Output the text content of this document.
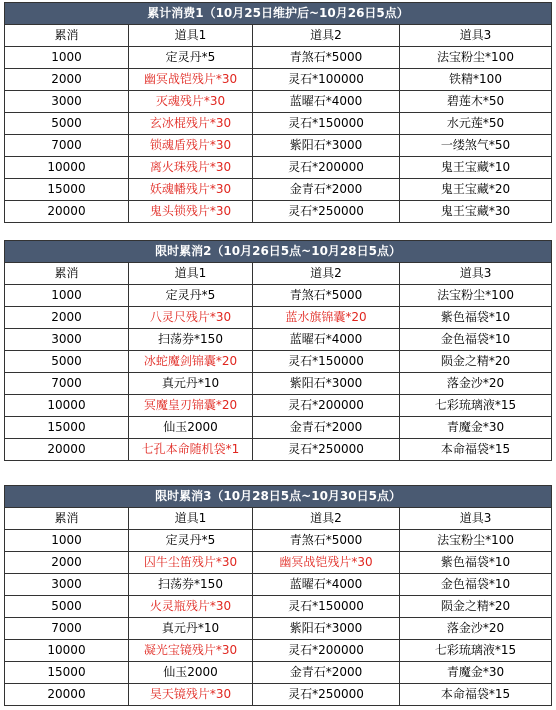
累计消费1（10月25日维护后~10月26日5点）			
累消	道具1	道具2	道具3
1000	定灵丹*5	青煞石*5000	法宝粉尘*100
2000	幽冥战铠残片*30	灵石*100000	铁精*100
3000	灭魂残片*30	蓝曜石*4000	碧莲木*50
5000	玄冰棍残片*30	灵石*150000	水元莲*50
7000	锁魂盾残片*30	紫阳石*3000	一缕煞气*50
10000	离火珠残片*30	灵石*200000	鬼王宝藏*10
15000	妖魂幡残片*30	金青石*2000	鬼王宝藏*20
20000	鬼头锁残片*30	灵石*250000	鬼王宝藏*30
限时累消2（10月26日5点~10月28日5点）			
累消	道具1	道具2	道具3
1000	定灵丹*5	青煞石*5000	法宝粉尘*100
2000	八灵尺残片*30	蓝水旗锦囊*20	紫色福袋*10
3000	扫荡券*150	蓝曜石*4000	金色福袋*10
5000	冰蛇魔剑锦囊*20	灵石*150000	陨金之精*20
7000	真元丹*10	紫阳石*3000	落金沙*20
10000	冥魔皇刃锦囊*20	灵石*200000	七彩琉璃液*15
15000	仙玉2000	金青石*2000	青魔金*30
20000	七孔本命随机袋*1	灵石*250000	本命福袋*15
限时累消3（10月28日5点~10月30日5点）			
累消	道具1	道具2	道具3
1000	定灵丹*5	青煞石*5000	法宝粉尘*100
2000	囚牛尘笛残片*30	幽冥战铠残片*30	紫色福袋*10
3000	扫荡券*150	蓝曜石*4000	金色福袋*10
5000	火灵瓶残片*30	灵石*150000	陨金之精*20
7000	真元丹*10	紫阳石*3000	落金沙*20
10000	凝光宝镜残片*30	灵石*200000	七彩琉璃液*15
15000	仙玉2000	金青石*2000	青魔金*30
20000	昊天镜残片*30	灵石*250000	本命福袋*15
